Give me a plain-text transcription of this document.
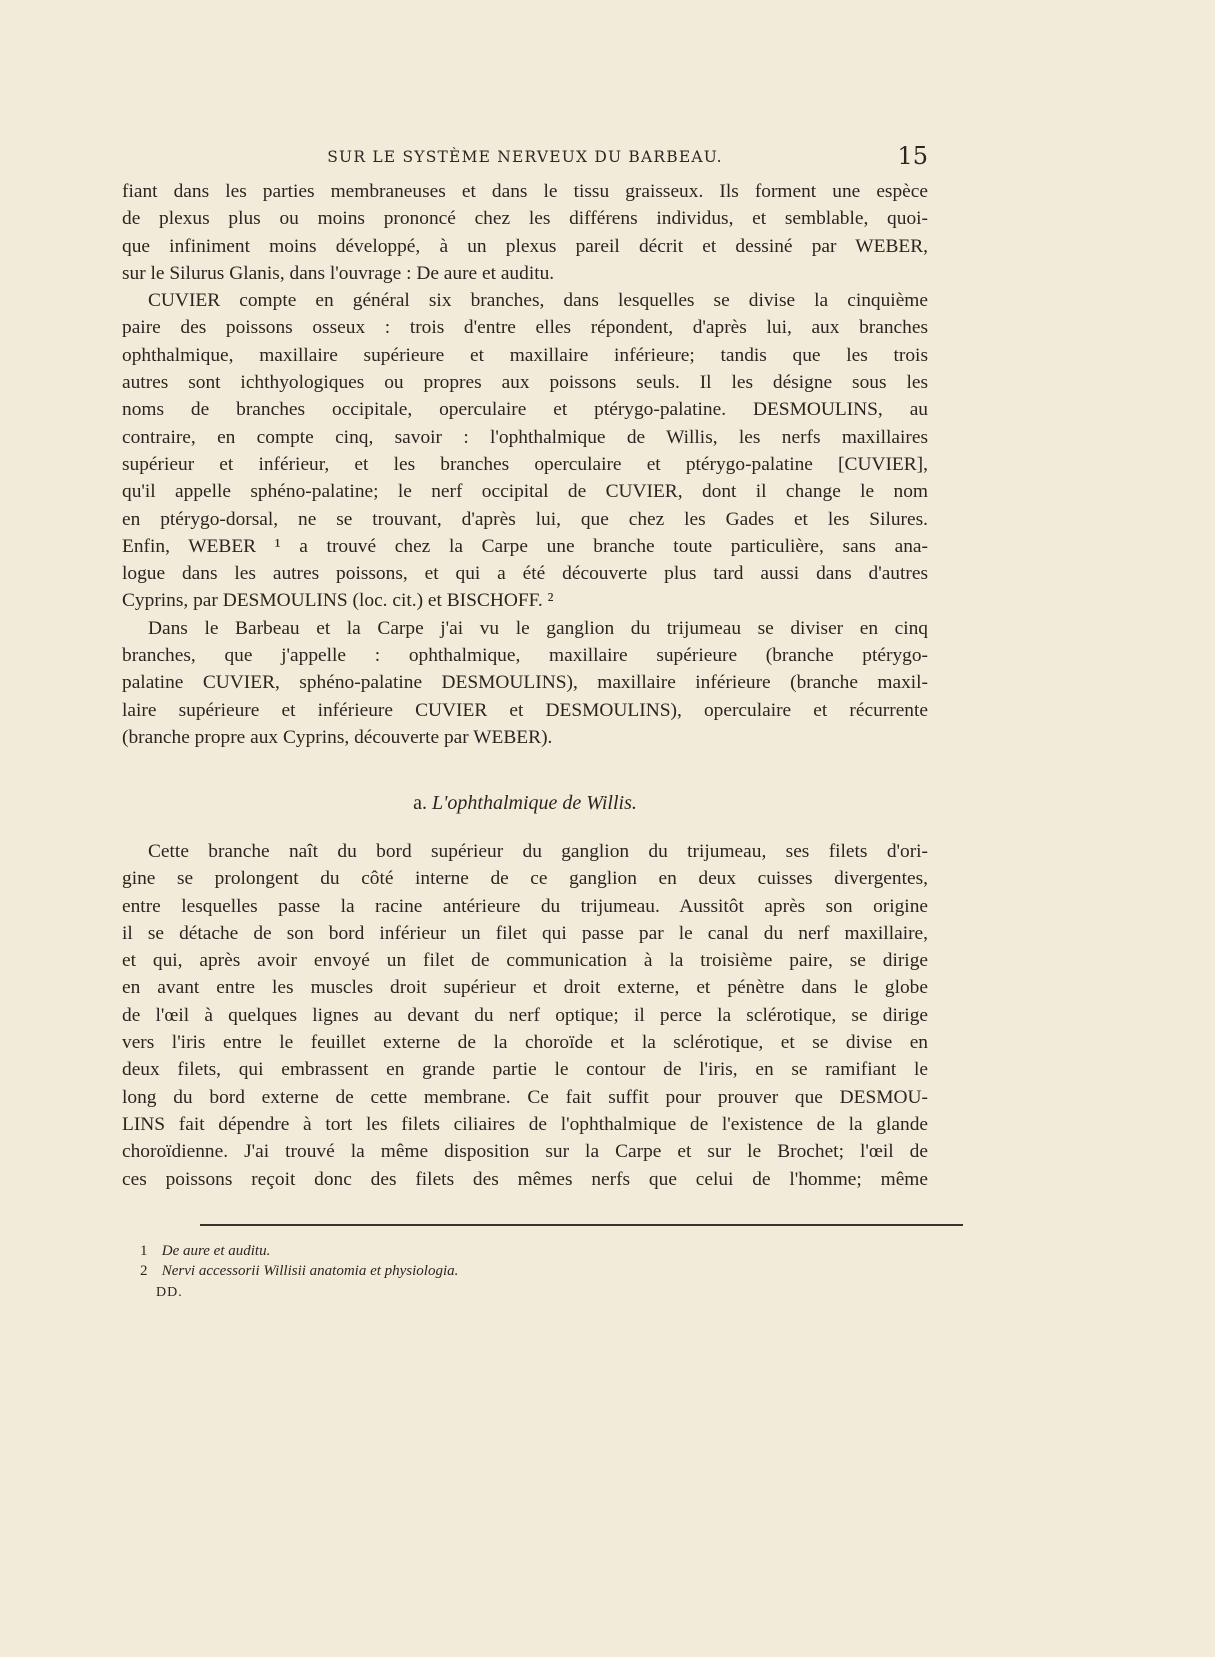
SUR LE SYSTÈME NERVEUX DU BARBEAU.	15
fiant dans les parties membraneuses et dans le tissu graisseux. Ils forment une espèce
de plexus plus ou moins prononcé chez les différens individus, et semblable, quoi-
que infiniment moins développé, à un plexus pareil décrit et dessiné par WEBER,
sur le Silurus Glanis, dans l'ouvrage : De aure et auditu.
CUVIER compte en général six branches, dans lesquelles se divise la cinquième
paire des poissons osseux : trois d'entre elles répondent, d'après lui, aux branches
ophthalmique, maxillaire supérieure et maxillaire inférieure; tandis que les trois
autres sont ichthyologiques ou propres aux poissons seuls. Il les désigne sous les
noms de branches occipitale, operculaire et ptérygo-palatine. DESMOULINS, au
contraire, en compte cinq, savoir : l'ophthalmique de Willis, les nerfs maxillaires
supérieur et inférieur, et les branches operculaire et ptérygo-palatine [CUVIER],
qu'il appelle sphéno-palatine; le nerf occipital de CUVIER, dont il change le nom
en ptérygo-dorsal, ne se trouvant, d'après lui, que chez les Gades et les Silures.
Enfin, WEBER ¹ a trouvé chez la Carpe une branche toute particulière, sans ana-
logue dans les autres poissons, et qui a été découverte plus tard aussi dans d'autres
Cyprins, par DESMOULINS (loc. cit.) et BISCHOFF. ²
Dans le Barbeau et la Carpe j'ai vu le ganglion du trijumeau se diviser en cinq
branches, que j'appelle : ophthalmique, maxillaire supérieure (branche ptérygo-
palatine CUVIER, sphéno-palatine DESMOULINS), maxillaire inférieure (branche maxil-
laire supérieure et inférieure CUVIER et DESMOULINS), operculaire et récurrente
(branche propre aux Cyprins, découverte par WEBER).
a. L'ophthalmique de Willis.
Cette branche naît du bord supérieur du ganglion du trijumeau, ses filets d'ori-
gine se prolongent du côté interne de ce ganglion en deux cuisses divergentes,
entre lesquelles passe la racine antérieure du trijumeau. Aussitôt après son origine
il se détache de son bord inférieur un filet qui passe par le canal du nerf maxillaire,
et qui, après avoir envoyé un filet de communication à la troisième paire, se dirige
en avant entre les muscles droit supérieur et droit externe, et pénètre dans le globe
de l'œil à quelques lignes au devant du nerf optique; il perce la sclérotique, se dirige
vers l'iris entre le feuillet externe de la choroïde et la sclérotique, et se divise en
deux filets, qui embrassent en grande partie le contour de l'iris, en se ramifiant le
long du bord externe de cette membrane. Ce fait suffit pour prouver que DESMOU-
LINS fait dépendre à tort les filets ciliaires de l'ophthalmique de l'existence de la glande
choroïdienne. J'ai trouvé la même disposition sur la Carpe et sur le Brochet; l'œil de
ces poissons reçoit donc des filets des mêmes nerfs que celui de l'homme; même
1 De aure et auditu.
2 Nervi accessorii Willisii anatomia et physiologia.
DD.
